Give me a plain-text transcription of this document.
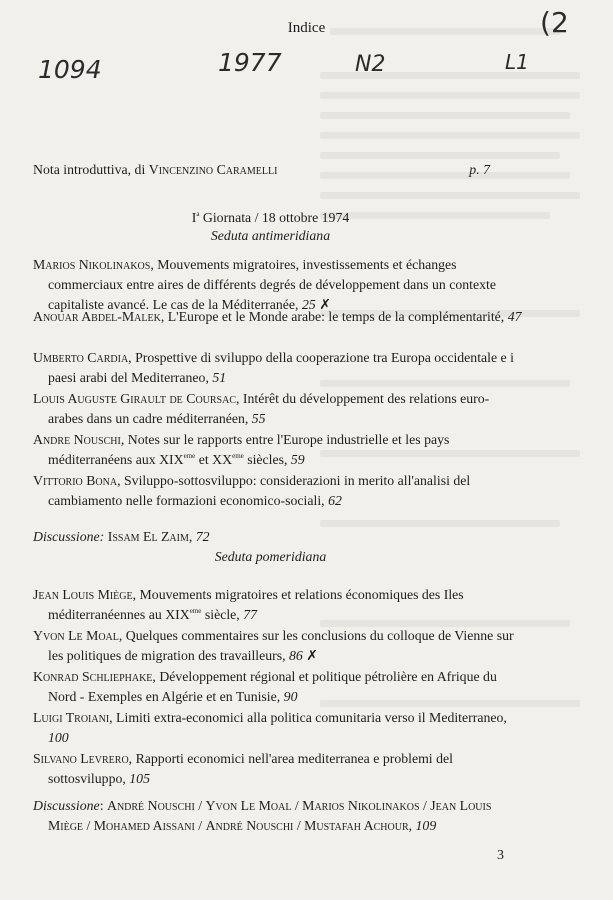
1977
1094	N2	L1
(2
Indice
Nota introduttiva, di Vincenzino Caramelli	p. 7
$I^a$ Giornata / 18 ottobre 1974
Seduta antimeridiana
Marios Nikolinakos, Mouvements migratoires, investissements et échanges commerciaux entre aires de différents degrés de développement dans un contexte capitaliste avancé. Le cas de la Méditerranée, 25 ✗
Anouar Abdel-Malek, L'Europe et le Monde arabe: le temps de la complémentarité, 47
Umberto Cardia, Prospettive di sviluppo della cooperazione tra Europa occidentale e i paesi arabi del Mediterraneo, 51
Louis Auguste Girault de Coursac, Intérêt du développement des relations euro-arabes dans un cadre méditerranéen, 55
Andre Nouschi, Notes sur le rapports entre l'Europe industrielle et les pays méditerranéens aux XIXeme et XXeme siècles, 59
Vittorio Bona, Sviluppo-sottosviluppo: considerazioni in merito all'analisi del cambiamento nelle formazioni economico-sociali, 62
Discussione: Issam El Zaim, 72
Seduta pomeridiana
Jean Louis Miège, Mouvements migratoires et relations économiques des Iles méditerranéennes au XIXeme siècle, 77
Yvon Le Moal, Quelques commentaires sur les conclusions du colloque de Vienne sur les politiques de migration des travailleurs, 86 ✗
Konrad Schliephake, Développement régional et politique pétrolière en Afrique du Nord - Exemples en Algérie et en Tunisie, 90
Luigi Troiani, Limiti extra-economici alla politica comunitaria verso il Mediterraneo, 100
Silvano Levrero, Rapporti economici nell'area mediterranea e problemi del sottosviluppo, 105
Discussione: André Nouschi / Yvon Le Moal / Marios Nikolinakos / Jean Louis Miège / Mohamed Aissani / André Nouschi / Mustafah Achour, 109
3
